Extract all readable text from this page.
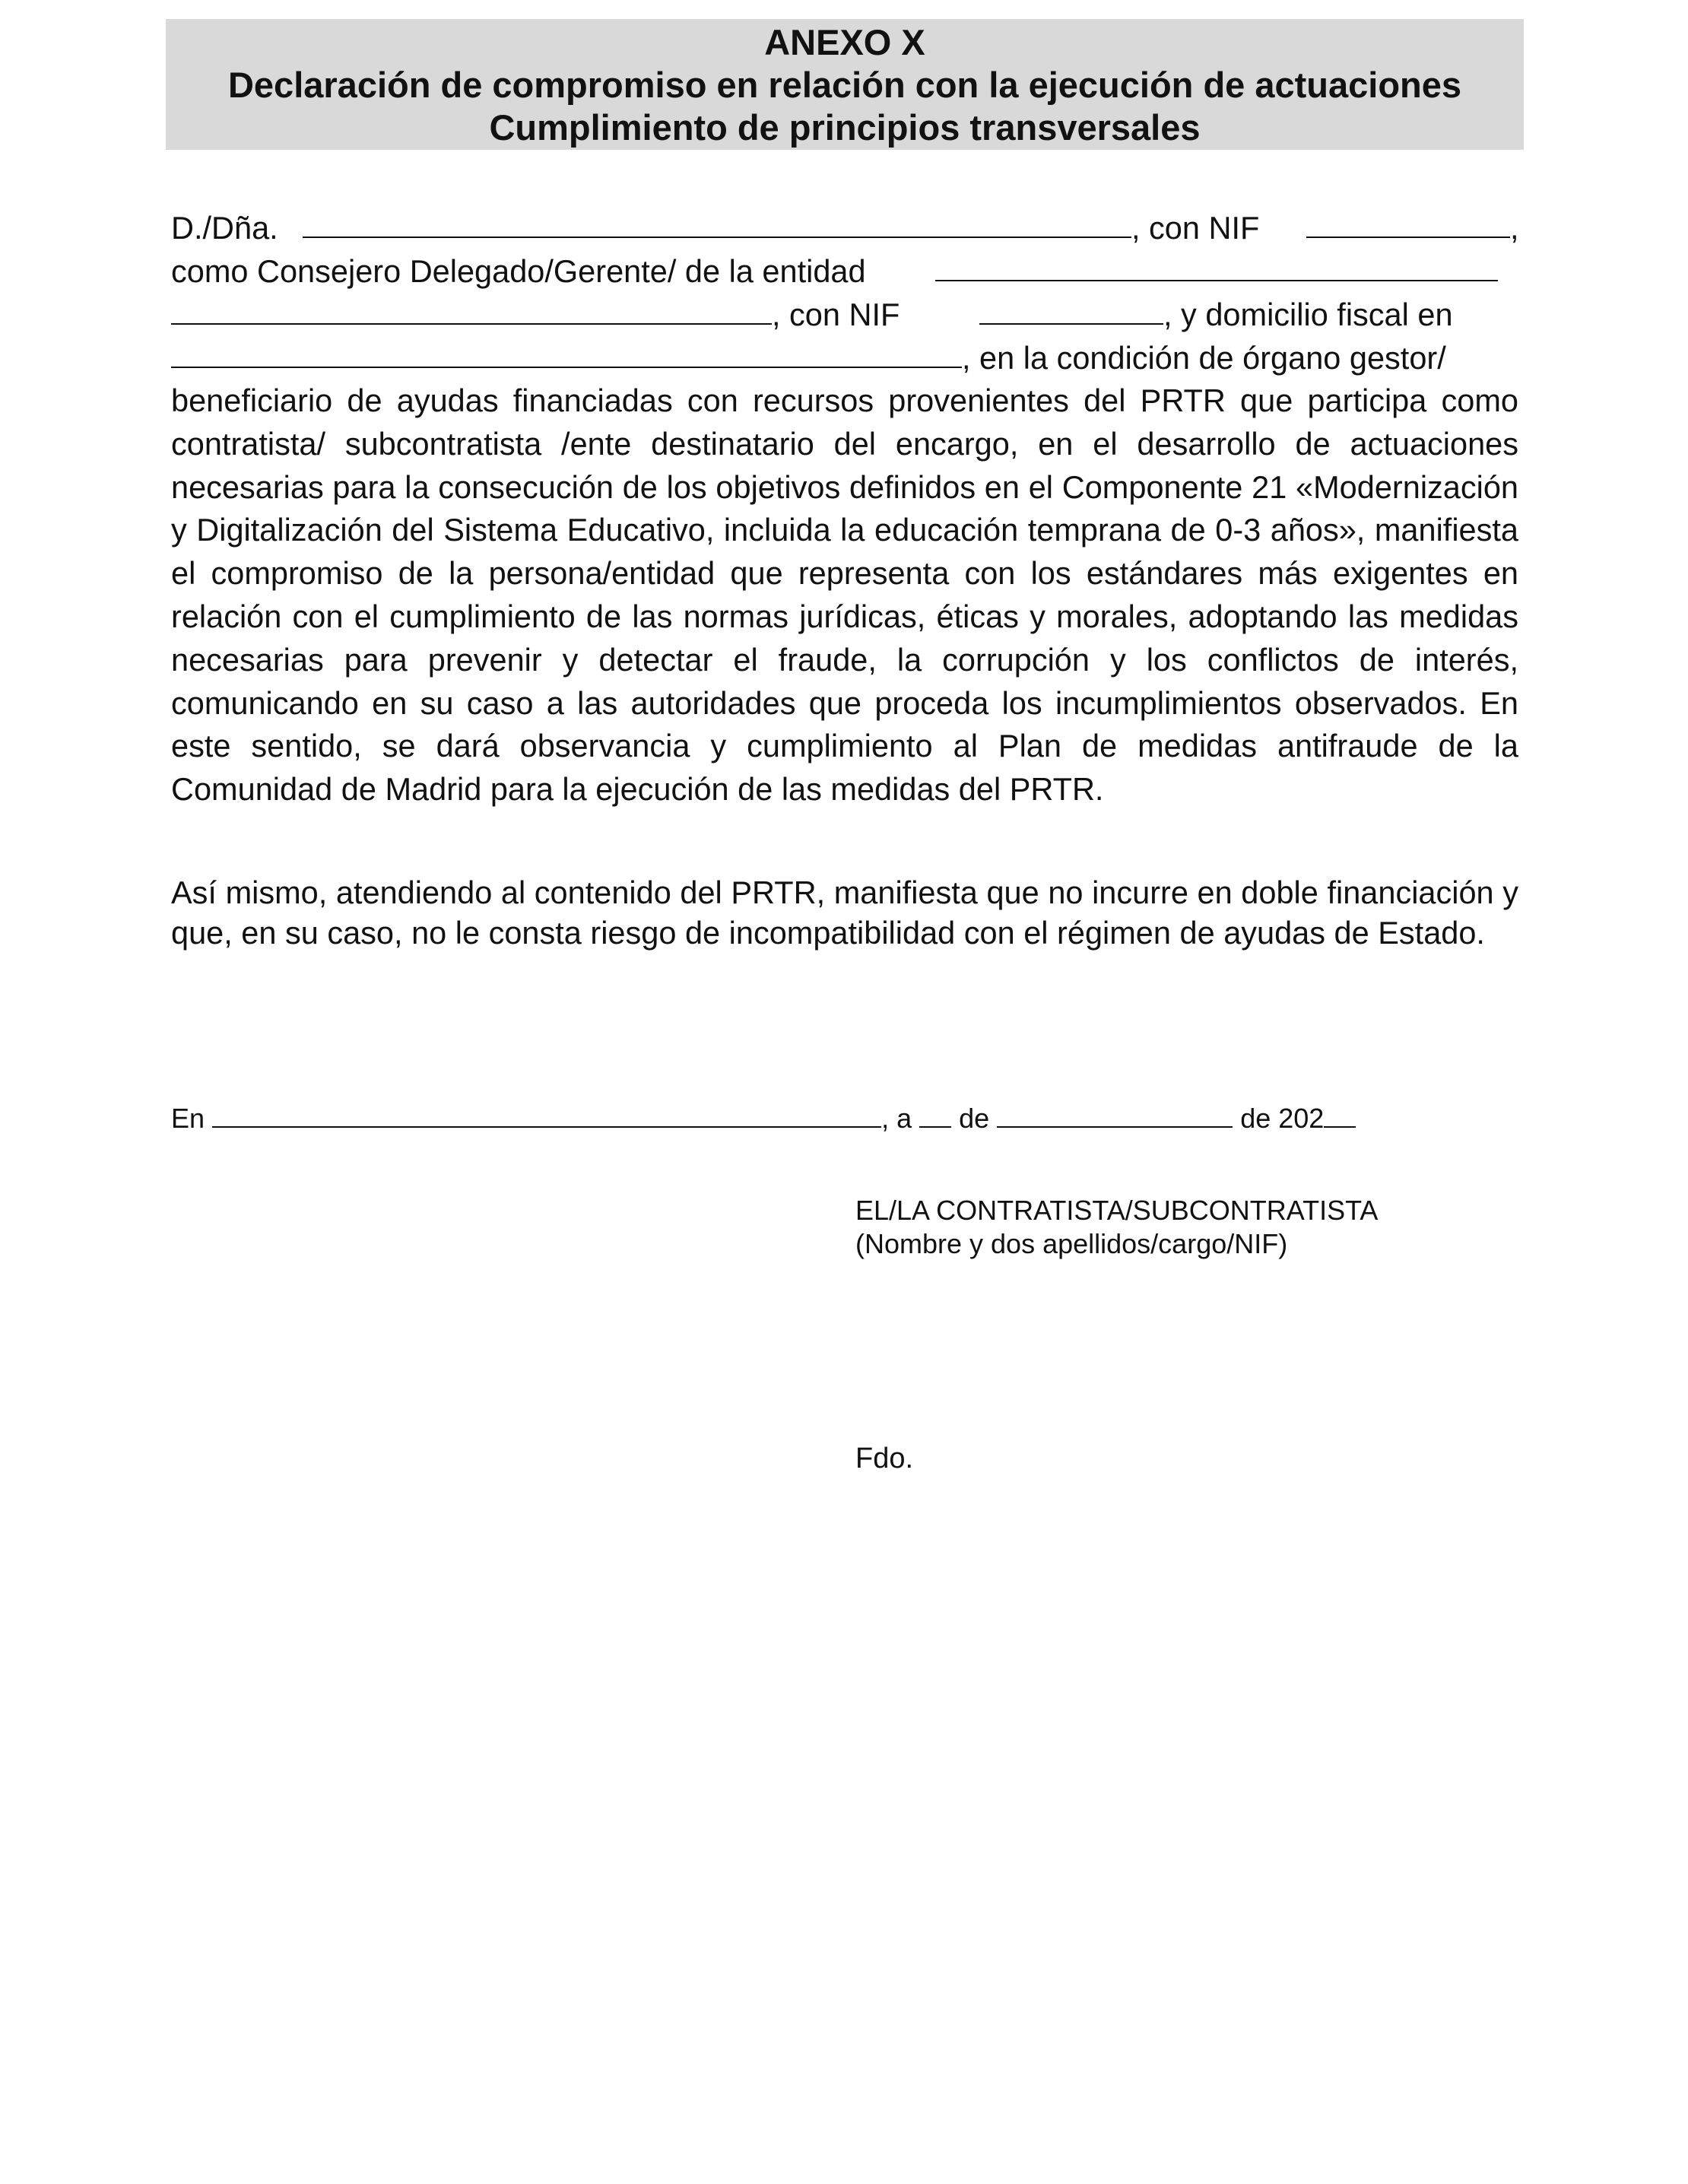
ANEXO X
Declaración de compromiso en relación con la ejecución de actuaciones
Cumplimiento de principios transversales
D./Dña.	, con NIF	,
como Consejero Delegado/Gerente/ de la entidad
, con NIF	, y domicilio fiscal en
, en la condición de órgano gestor/
beneficiario de ayudas financiadas con recursos provenientes del PRTR que participa como contratista/ subcontratista /ente destinatario del encargo, en el desarrollo de actuaciones necesarias para la consecución de los objetivos definidos en el Componente 21 «Modernización y Digitalización del Sistema Educativo, incluida la educación temprana de 0-3 años», manifiesta el compromiso de la persona/entidad que representa con los estándares más exigentes en relación con el cumplimiento de las normas jurídicas, éticas y morales, adoptando las medidas necesarias para prevenir y detectar el fraude, la corrupción y los conflictos de interés, comunicando en su caso a las autoridades que proceda los incumplimientos observados. En este sentido, se dará observancia y cumplimiento al Plan de medidas antifraude de la Comunidad de Madrid para la ejecución de las medidas del PRTR.
Así mismo, atendiendo al contenido del PRTR, manifiesta que no incurre en doble financiación y que, en su caso, no le consta riesgo de incompatibilidad con el régimen de ayudas de Estado.
En	, a de	de 202
EL/LA CONTRATISTA/SUBCONTRATISTA
(Nombre y dos apellidos/cargo/NIF)
Fdo.
